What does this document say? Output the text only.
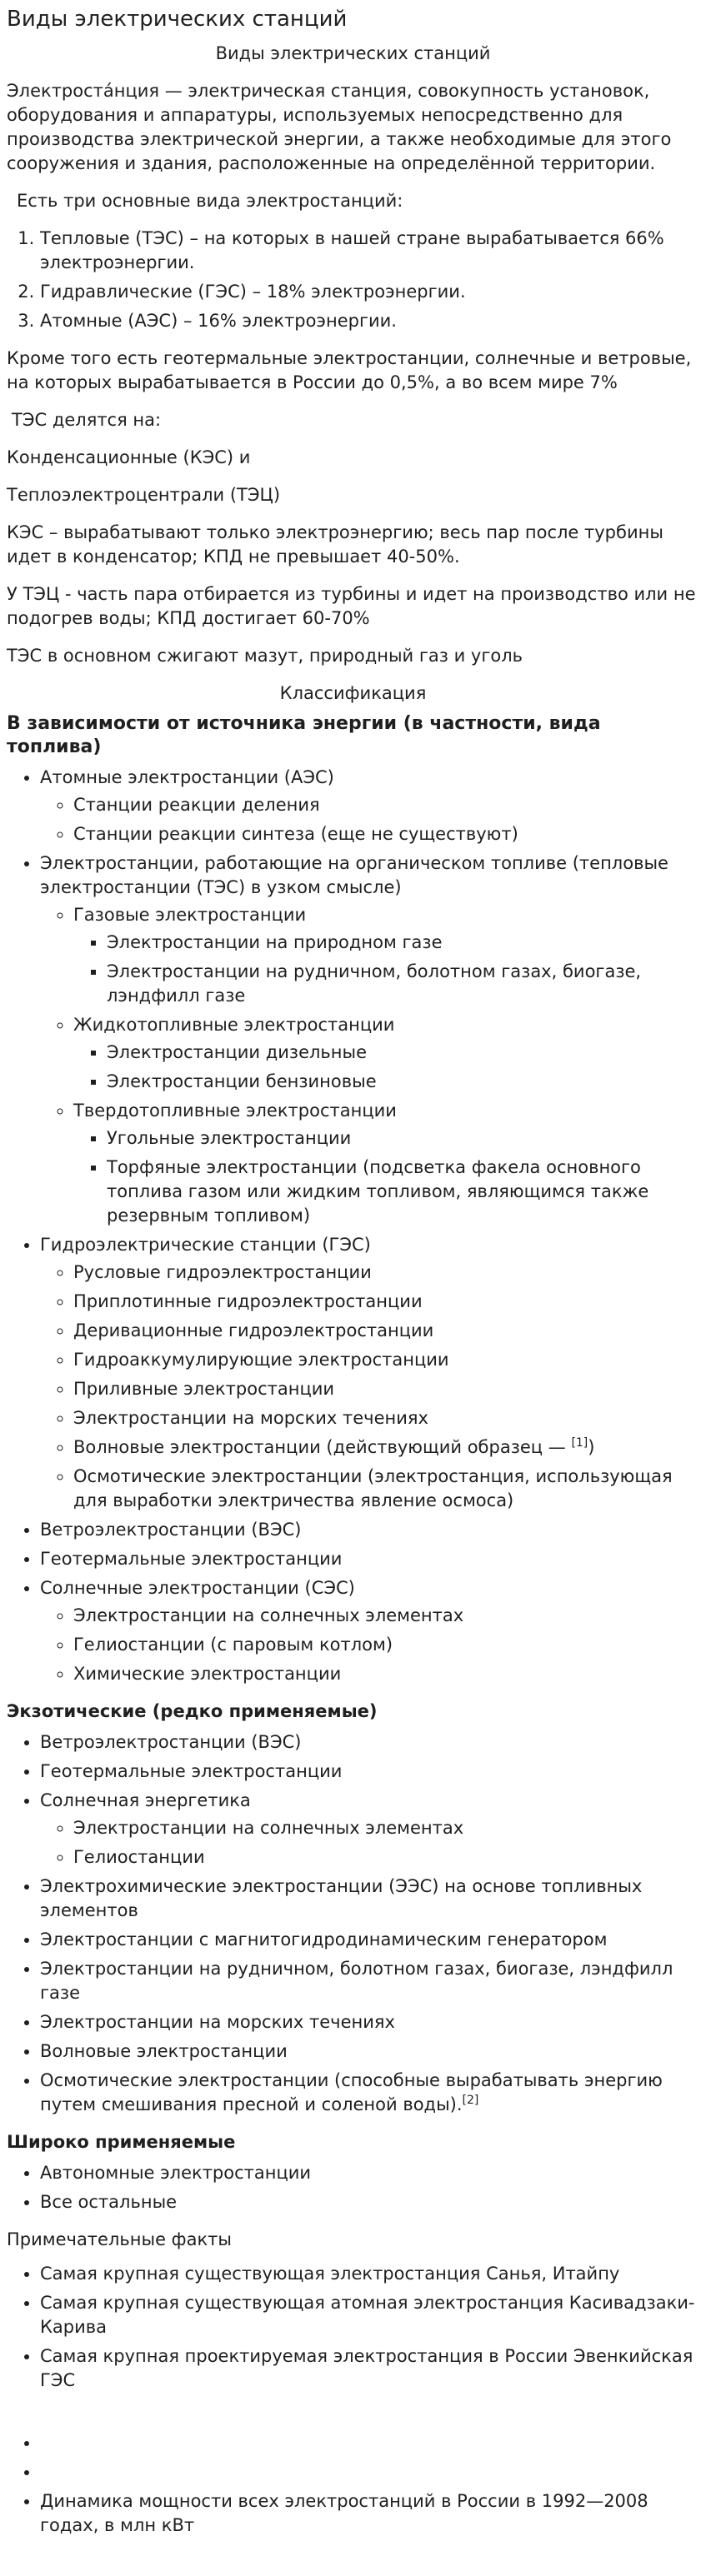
Виды электрических станций
Виды электрических станций

Электроста́нция — электрическая станция, совокупность установок, оборудования и аппаратуры, используемых непосредственно для производства электрической энергии, а также необходимые для этого сооружения и здания, расположенные на определённой территории.

Есть три основные вида электростанций:

1. Тепловые (ТЭС) – на которых в нашей стране вырабатывается 66% электроэнергии.
2. Гидравлические (ГЭС) – 18% электроэнергии.
3. Атомные (АЭС) – 16% электроэнергии.

Кроме того есть геотермальные электростанции, солнечные и ветровые, на которых вырабатывается в России до 0,5%, а во всем мире 7%

ТЭС делятся на:

Конденсационные (КЭС) и

Теплоэлектроцентрали (ТЭЦ)

КЭС – вырабатывают только электроэнергию; весь пар после турбины идет в конденсатор; КПД не превышает 40-50%.

У ТЭЦ - часть пара отбирается из турбины и идет на производство или не подогрев воды; КПД достигает 60-70%

ТЭС в основном сжигают мазут, природный газ и уголь

Классификация
В зависимости от источника энергии (в частности, вида топлива)
• Атомные электростанции (АЭС)
◦ Станции реакции деления
◦ Станции реакции синтеза (еще не существуют)
• Электростанции, работающие на органическом топливе (тепловые электростанции (ТЭС) в узком смысле)
◦ Газовые электростанции
▪ Электростанции на природном газе
▪ Электростанции на рудничном, болотном газах, биогазе, лэндфилл газе
◦ Жидкотопливные электростанции
▪ Электростанции дизельные
▪ Электростанции бензиновые
◦ Твердотопливные электростанции
▪ Угольные электростанции
▪ Торфяные электростанции (подсветка факела основного топлива газом или жидким топливом, являющимся также резервным топливом)
• Гидроэлектрические станции (ГЭС)
◦ Русловые гидроэлектростанции
◦ Приплотинные гидроэлектростанции
◦ Деривационные гидроэлектростанции
◦ Гидроаккумулирующие электростанции
◦ Приливные электростанции
◦ Электростанции на морских течениях
◦ Волновые электростанции (действующий образец — [1])
◦ Осмотические электростанции (электростанция, использующая для выработки электричества явление осмоса)
• Ветроэлектростанции (ВЭС)
• Геотермальные электростанции
• Солнечные электростанции (СЭС)
◦ Электростанции на солнечных элементах
◦ Гелиостанции (с паровым котлом)
◦ Химические электростанции
Экзотические (редко применяемые)
• Ветроэлектростанции (ВЭС)
• Геотермальные электростанции
• Солнечная энергетика
◦ Электростанции на солнечных элементах
◦ Гелиостанции
• Электрохимические электростанции (ЭЭС) на основе топливных элементов
• Электростанции с магнитогидродинамическим генератором
• Электростанции на рудничном, болотном газах, биогазе, лэндфилл газе
• Электростанции на морских течениях
• Волновые электростанции
• Осмотические электростанции (способные вырабатывать энергию путем смешивания пресной и соленой воды).[2]
Широко применяемые
• Автономные электростанции
• Все остальные
Примечательные факты
• Самая крупная существующая электростанция Санья, Итайпу
• Самая крупная существующая атомная электростанция Касивадзаки-Карива
• Самая крупная проектируемая электростанция в России Эвенкийская ГЭС
•
•
• Динамика мощности всех электростанций в России в 1992—2008 годах, в млн кВт
